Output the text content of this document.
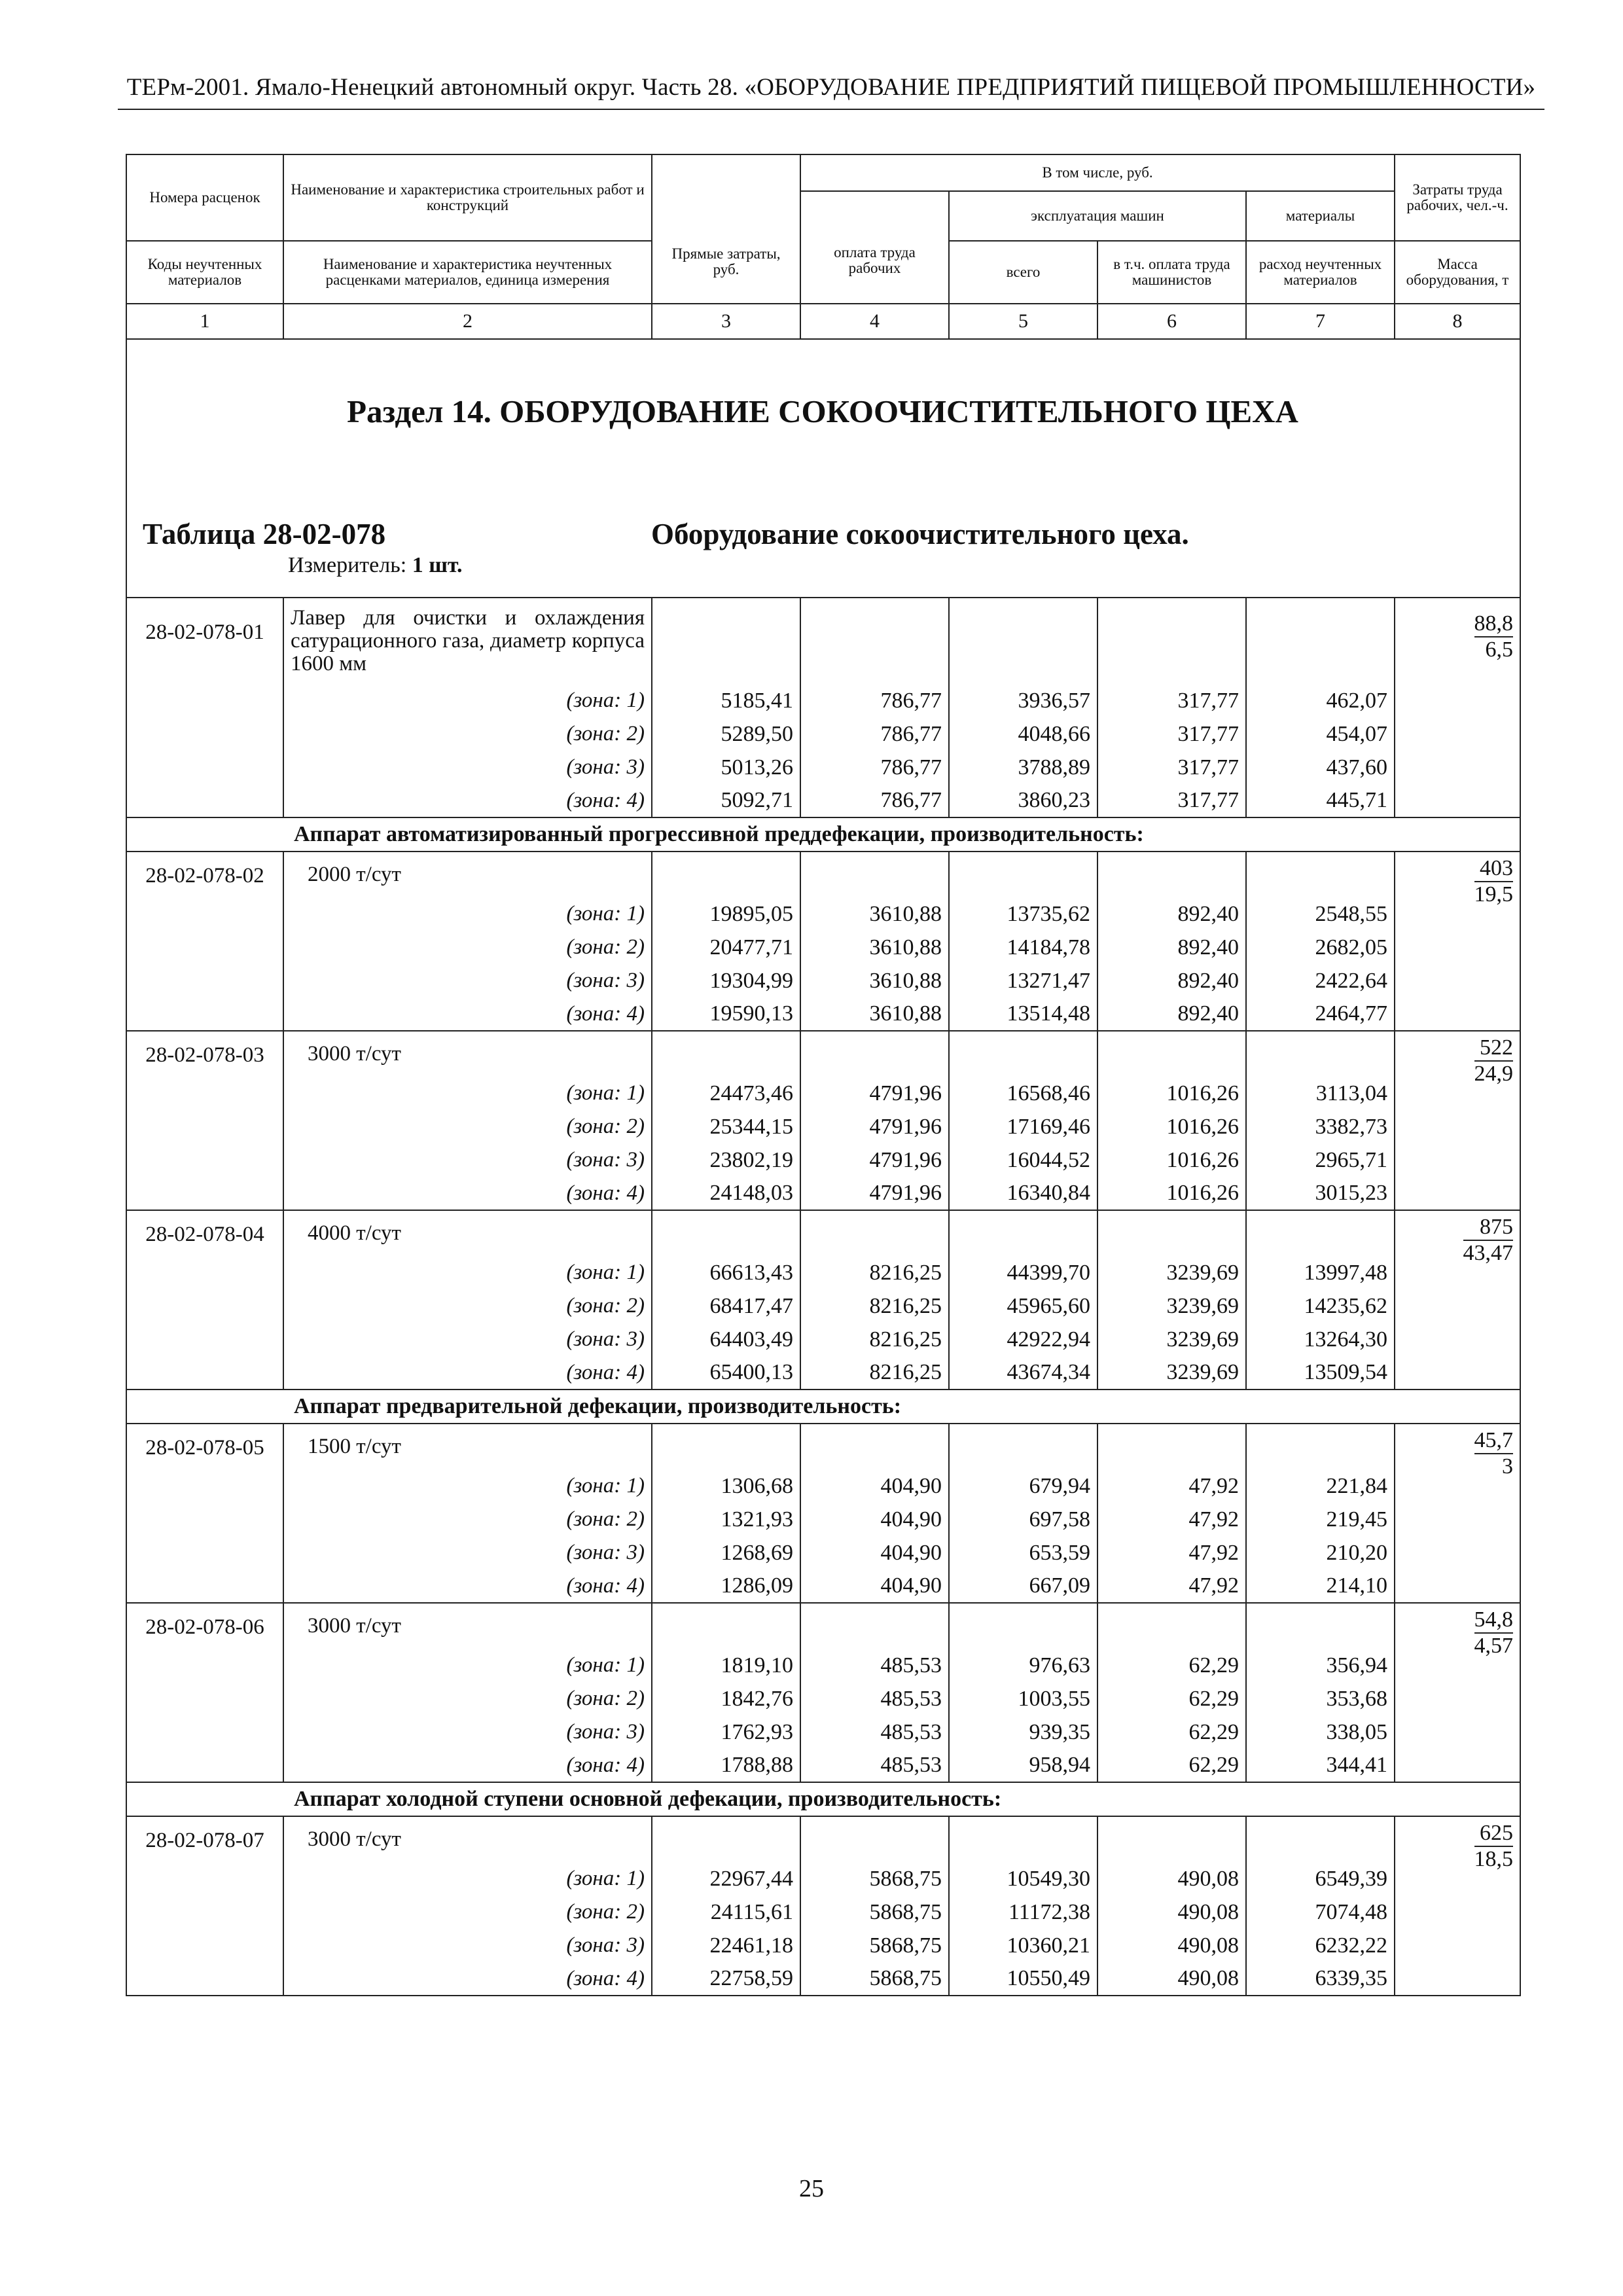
ТЕРм-2001. Ямало-Ненецкий автономный округ. Часть 28. «ОБОРУДОВАНИЕ ПРЕДПРИЯТИЙ ПИЩЕВОЙ ПРОМЫШЛЕННОСТИ»
Номера расценок	Наименование и характеристика строительных работ и конструкций	Прямые затраты, руб.	В том числе, руб.				Затраты труда рабочих, чел.-ч.
			оплата труда рабочих	эксплуатация машин		материалы	
Коды неучтенных материалов	Наименование и характеристика неучтенных расценками материалов, единица измерения			всего	в т.ч. оплата труда машинистов	расход неучтенных материалов	Масса оборудования, т
1	2	3	4	5	6	7	8

28-02-078-01	Лавер для очистки и охлаждения сатурационного газа, диаметр корпуса 1600 мм						$\frac{88,8}{6,5}$

	(зона: 1)	5185,41	786,77	3936,57	317,77	462,07	
	(зона: 2)	5289,50	786,77	4048,66	317,77	454,07	
	(зона: 3)	5013,26	786,77	3788,89	317,77	437,60	
	(зона: 4)	5092,71	786,77	3860,23	317,77	445,71	
Аппарат автоматизированный прогрессивной преддефекации, производительность:							
28-02-078-02	2000 т/сут						$\frac{403}{19,5}$

	(зона: 1)	19895,05	3610,88	13735,62	892,40	2548,55	
	(зона: 2)	20477,71	3610,88	14184,78	892,40	2682,05	
	(зона: 3)	19304,99	3610,88	13271,47	892,40	2422,64	
	(зона: 4)	19590,13	3610,88	13514,48	892,40	2464,77	
28-02-078-03	3000 т/сут						$\frac{522}{24,9}$

	(зона: 1)	24473,46	4791,96	16568,46	1016,26	3113,04	
	(зона: 2)	25344,15	4791,96	17169,46	1016,26	3382,73	
	(зона: 3)	23802,19	4791,96	16044,52	1016,26	2965,71	
	(зона: 4)	24148,03	4791,96	16340,84	1016,26	3015,23	
28-02-078-04	4000 т/сут						$\frac{875}{43,47}$

	(зона: 1)	66613,43	8216,25	44399,70	3239,69	13997,48	
	(зона: 2)	68417,47	8216,25	45965,60	3239,69	14235,62	
	(зона: 3)	64403,49	8216,25	42922,94	3239,69	13264,30	
	(зона: 4)	65400,13	8216,25	43674,34	3239,69	13509,54	
Аппарат предварительной дефекации, производительность:							
28-02-078-05	1500 т/сут						$\frac{45,7}{3}$

	(зона: 1)	1306,68	404,90	679,94	47,92	221,84	
	(зона: 2)	1321,93	404,90	697,58	47,92	219,45	
	(зона: 3)	1268,69	404,90	653,59	47,92	210,20	
	(зона: 4)	1286,09	404,90	667,09	47,92	214,10	
28-02-078-06	3000 т/сут						$\frac{54,8}{4,57}$

	(зона: 1)	1819,10	485,53	976,63	62,29	356,94	
	(зона: 2)	1842,76	485,53	1003,55	62,29	353,68	
	(зона: 3)	1762,93	485,53	939,35	62,29	338,05	
	(зона: 4)	1788,88	485,53	958,94	62,29	344,41	
Аппарат холодной ступени основной дефекации, производительность:							
28-02-078-07	3000 т/сут						$\frac{625}{18,5}$

	(зона: 1)	22967,44	5868,75	10549,30	490,08	6549,39	
	(зона: 2)	24115,61	5868,75	11172,38	490,08	7074,48	
	(зона: 3)	22461,18	5868,75	10360,21	490,08	6232,22	
	(зона: 4)	22758,59	5868,75	10550,49	490,08	6339,35	
Раздел 14. ОБОРУДОВАНИЕ СОКООЧИСТИТЕЛЬНОГО ЦЕХА
Таблица 28-02-078	Оборудование сокоочистительного цеха.
Измеритель: 1 шт.
25
